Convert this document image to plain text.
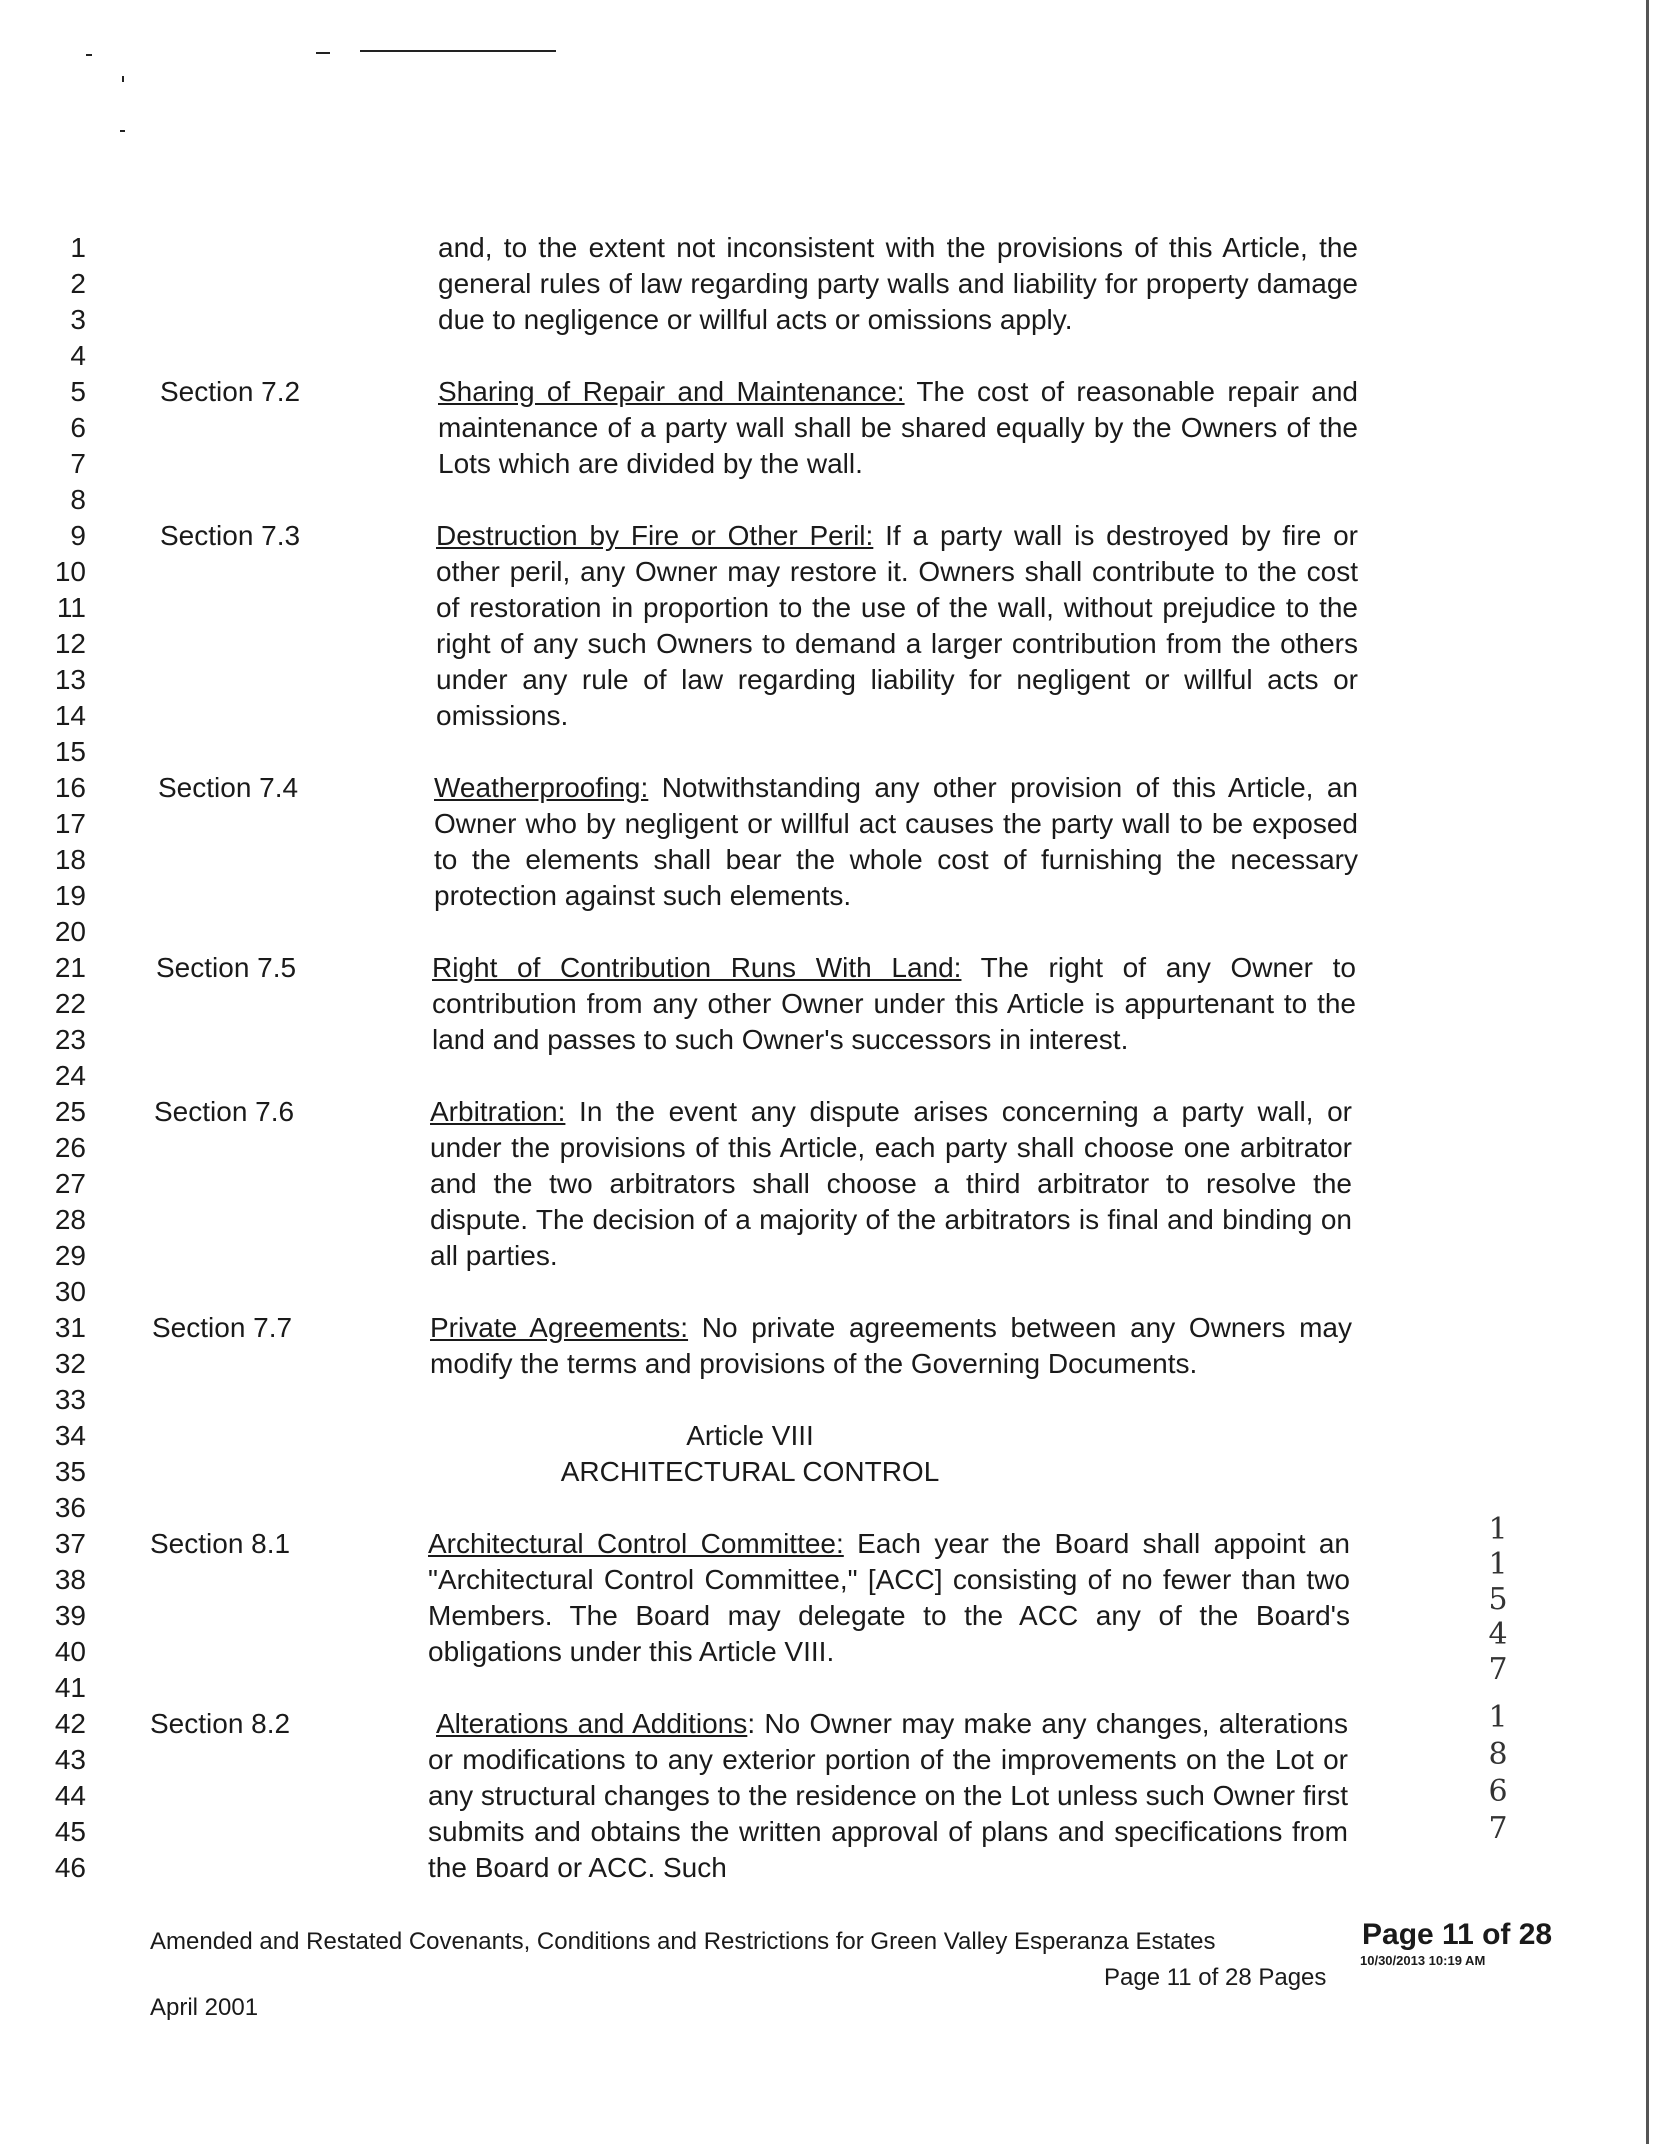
1
2
3
4
5
6
7
8
9
10
11
12
13
14
15
16
17
18
19
20
21
22
23
24
25
26
27
28
29
30
31
32
33
34
35
36
37
38
39
40
41
42
43
44
45
46
and, to the extent not inconsistent with the provisions of this Article, the general rules of law regarding party walls and liability for property damage due to negligence or willful acts or omissions apply.
Section 7.2	Sharing of Repair and Maintenance: The cost of reasonable repair and maintenance of a party wall shall be shared equally by the Owners of the Lots which are divided by the wall.
Section 7.3	Destruction by Fire or Other Peril: If a party wall is destroyed by fire or other peril, any Owner may restore it. Owners shall contribute to the cost of restoration in proportion to the use of the wall, without prejudice to the right of any such Owners to demand a larger contribution from the others under any rule of law regarding liability for negligent or willful acts or omissions.
Section 7.4	Weatherproofing: Notwithstanding any other provision of this Article, an Owner who by negligent or willful act causes the party wall to be exposed to the elements shall bear the whole cost of furnishing the necessary protection against such elements.
Section 7.5	Right of Contribution Runs With Land: The right of any Owner to contribution from any other Owner under this Article is appurtenant to the land and passes to such Owner's successors in interest.
Section 7.6	Arbitration: In the event any dispute arises concerning a party wall, or under the provisions of this Article, each party shall choose one arbitrator and the two arbitrators shall choose a third arbitrator to resolve the dispute. The decision of a majority of the arbitrators is final and binding on all parties.
Section 7.7	Private Agreements: No private agreements between any Owners may modify the terms and provisions of the Governing Documents.
Article VIII
ARCHITECTURAL CONTROL
Section 8.1	Architectural Control Committee: Each year the Board shall appoint an "Architectural Control Committee," [ACC] consisting of no fewer than two Members. The Board may delegate to the ACC any of the Board's obligations under this Article VIII.
Section 8.2	Alterations and Additions: No Owner may make any changes, alterations or modifications to any exterior portion of the improvements on the Lot or any structural changes to the residence on the Lot unless such Owner first submits and obtains the written approval of plans and specifications from the Board or ACC. Such
1
1
5
4
7
1
8
6
7
Amended and Restated Covenants, Conditions and Restrictions for Green Valley Esperanza Estates	Page 11 of 28
10/30/2013 10:19 AM
Page 11 of 28 Pages
April 2001
